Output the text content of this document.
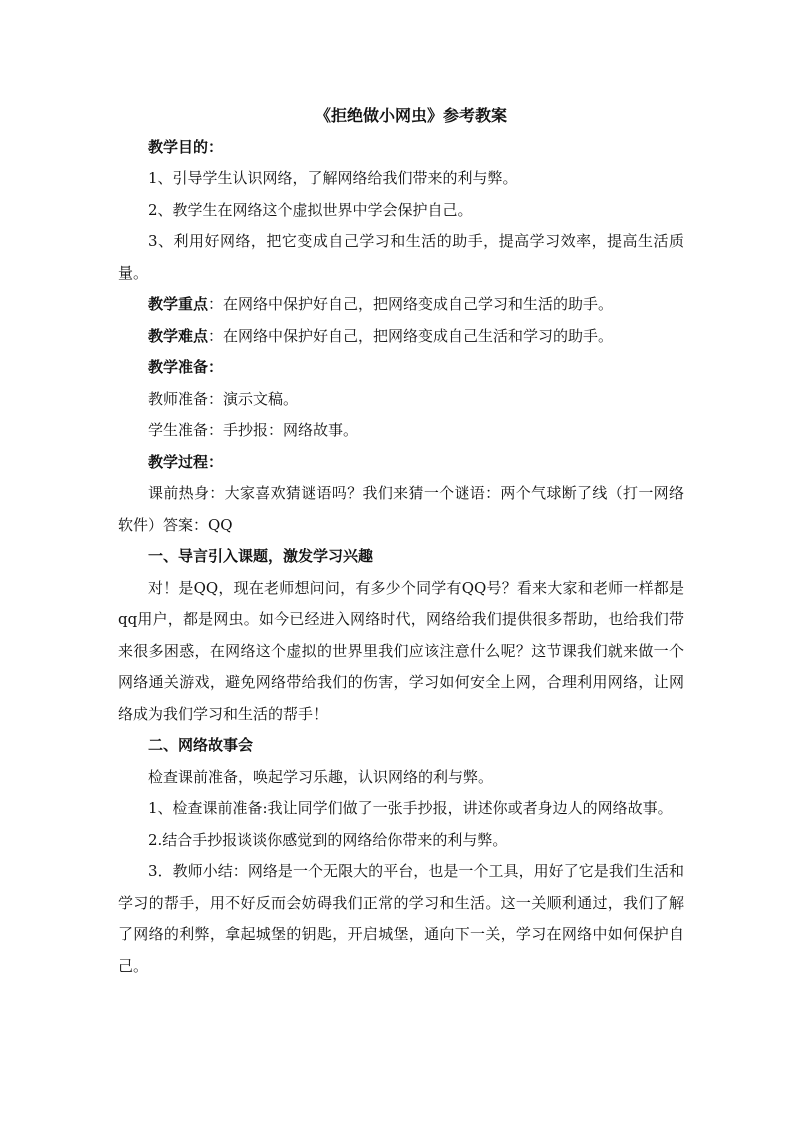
《拒绝做小网虫》参考教案

教学目的：

1、引导学生认识网络，了解网络给我们带来的利与弊。

2、教学生在网络这个虚拟世界中学会保护自己。

3、利用好网络，把它变成自己学习和生活的助手，提高学习效率，提高生活质量。

教学重点：在网络中保护好自己，把网络变成自己学习和生活的助手。

教学难点：在网络中保护好自己，把网络变成自己生活和学习的助手。

教学准备：

教师准备：演示文稿。

学生准备：手抄报：网络故事。

教学过程：

课前热身：大家喜欢猜谜语吗？我们来猜一个谜语：两个气球断了线（打一网络软件）答案：QQ

一、导言引入课题，激发学习兴趣

对！是QQ，现在老师想问问，有多少个同学有QQ号？看来大家和老师一样都是qq用户，都是网虫。如今已经进入网络时代，网络给我们提供很多帮助，也给我们带来很多困惑，在网络这个虚拟的世界里我们应该注意什么呢？这节课我们就来做一个网络通关游戏，避免网络带给我们的伤害，学习如何安全上网，合理利用网络，让网络成为我们学习和生活的帮手！

二、网络故事会

检查课前准备，唤起学习乐趣，认识网络的利与弊。

1、检查课前准备:我让同学们做了一张手抄报，讲述你或者身边人的网络故事。

2.结合手抄报谈谈你感觉到的网络给你带来的利与弊。

3．教师小结：网络是一个无限大的平台，也是一个工具，用好了它是我们生活和学习的帮手，用不好反而会妨碍我们正常的学习和生活。这一关顺利通过，我们了解了网络的利弊，拿起城堡的钥匙，开启城堡，通向下一关，学习在网络中如何保护自己。
